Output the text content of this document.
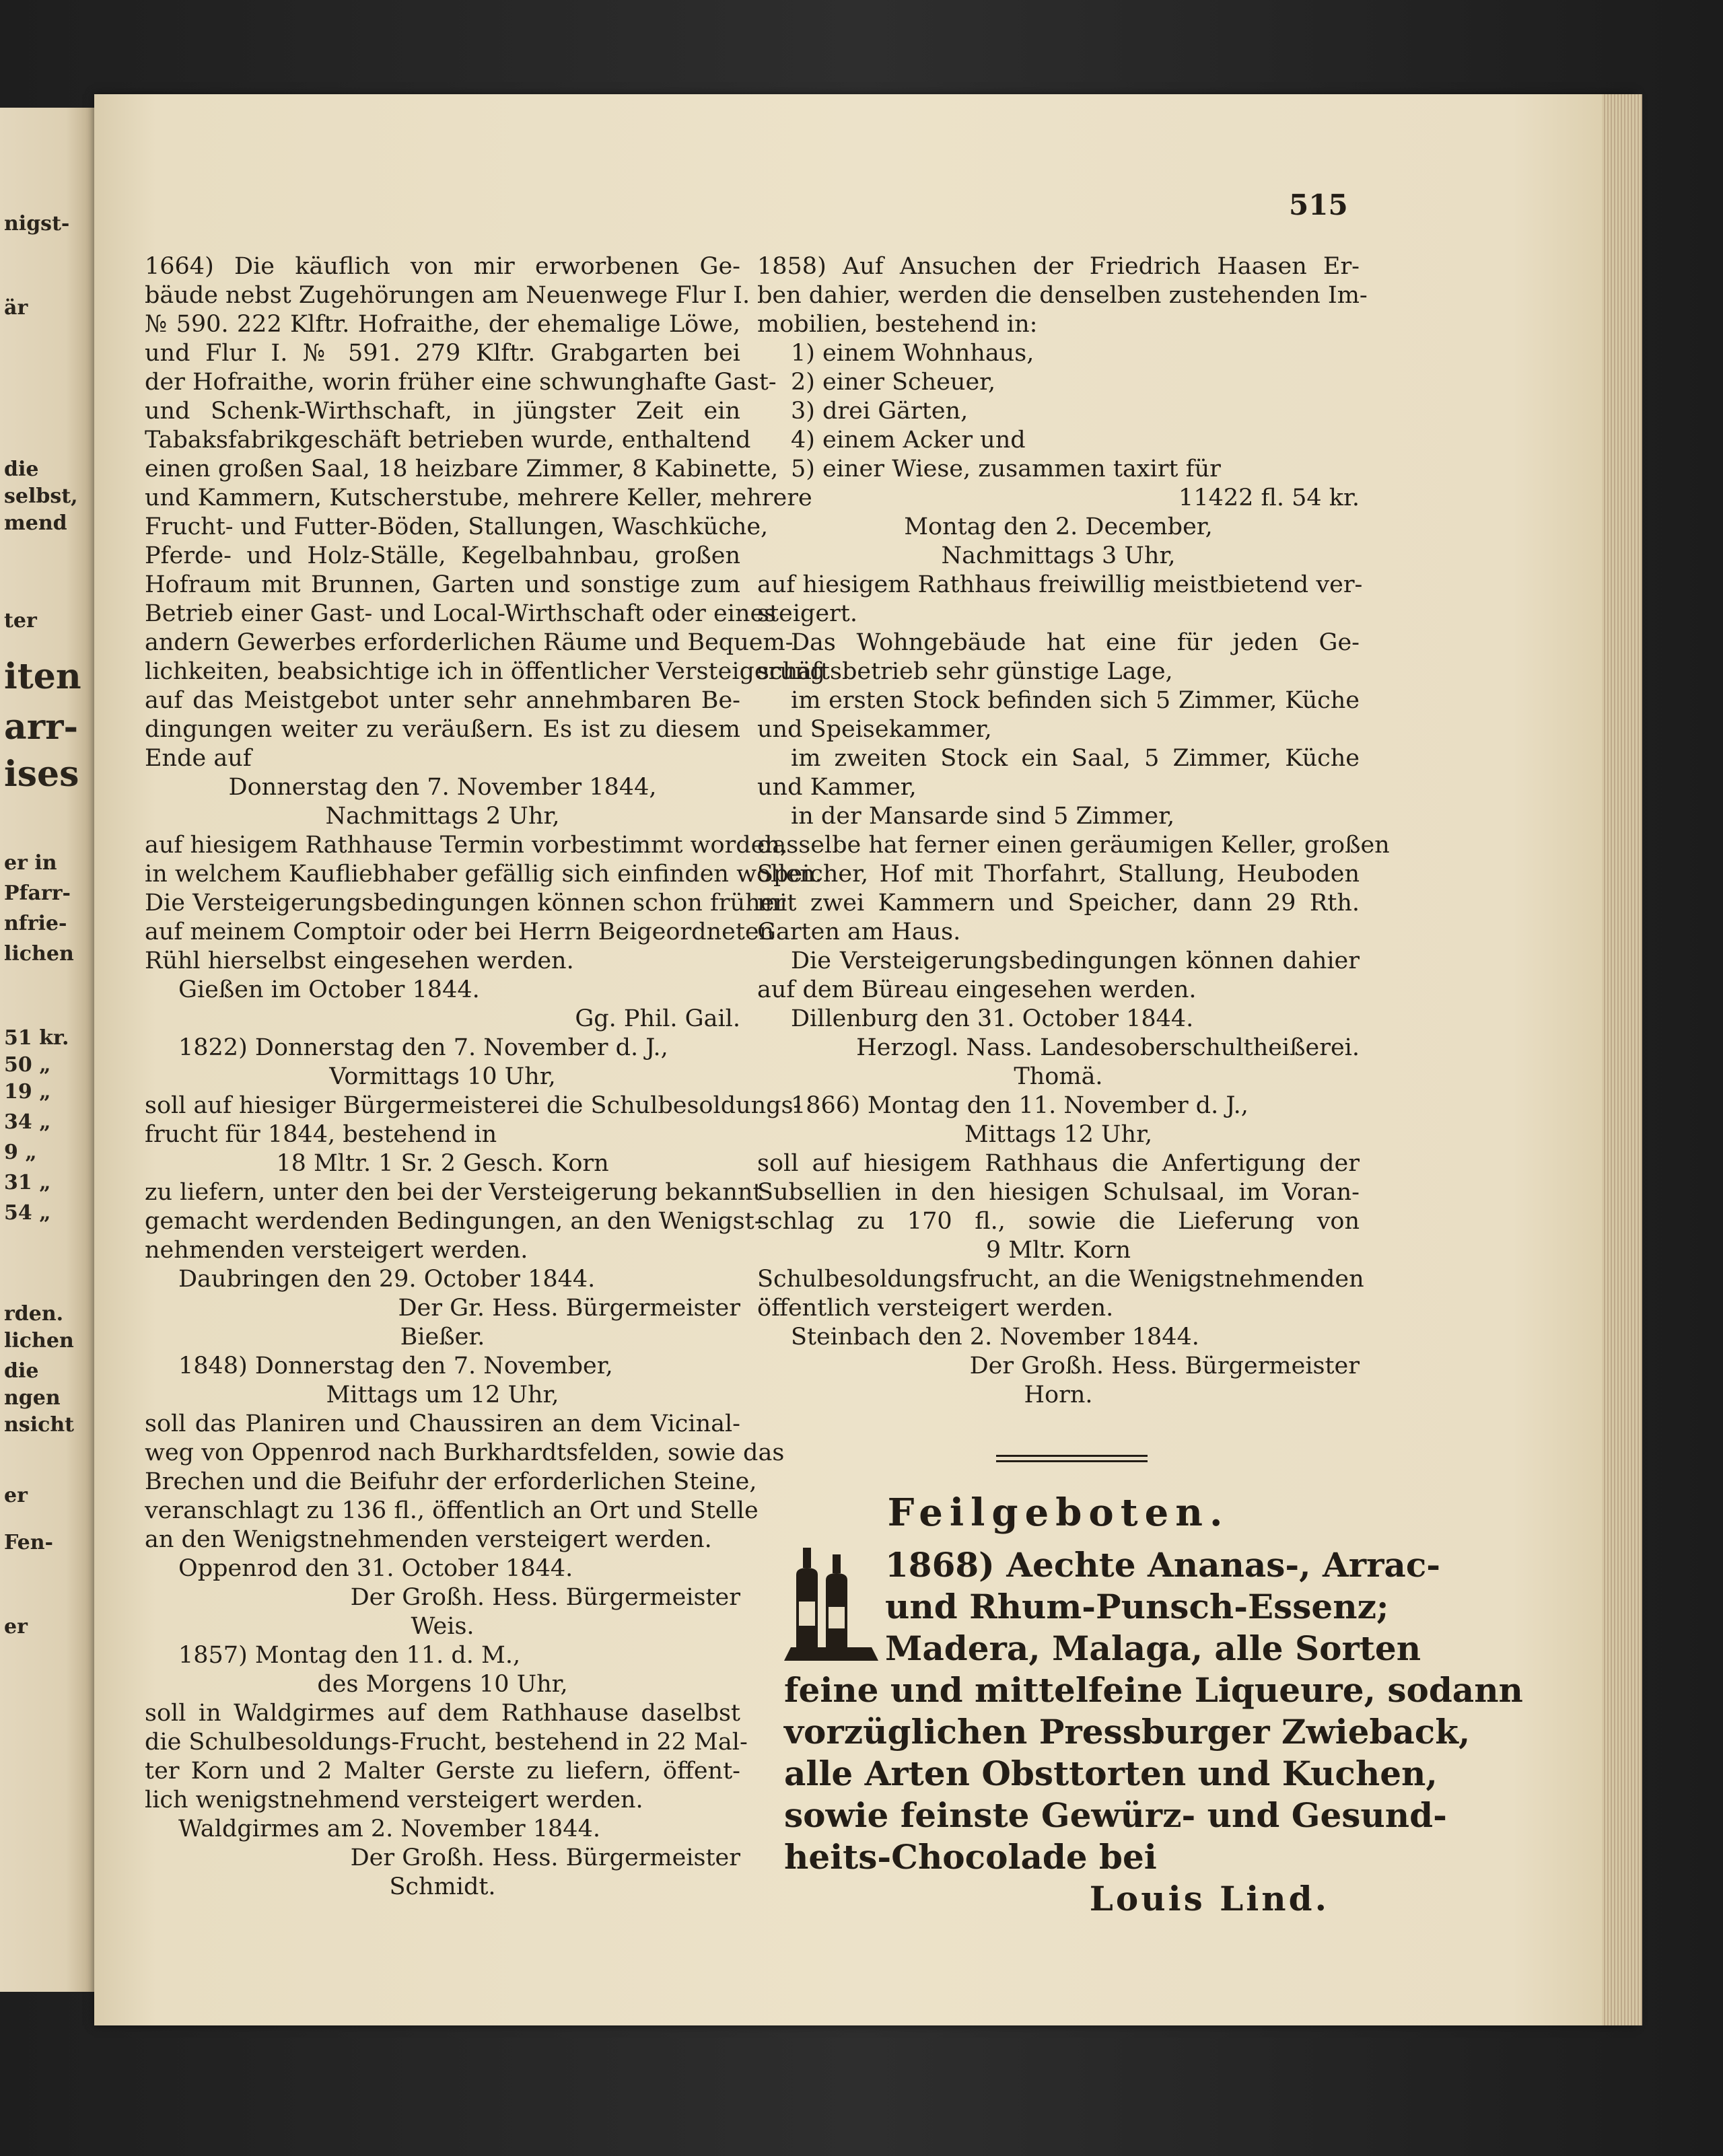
nigst-
är
die
selbst,
mend
ter
iten
arr-
ises
er in
Pfarr-
nfrie-
lichen
51 kr.
50 „
19 „
34 „
9 „
31 „
54 „
rden.
lichen
die
ngen
nsicht
er
Fen-
er
515
1664) Die käuflich von mir erworbenen Ge-
bäude nebst Zugehörungen am Neuenwege Flur I.
№ 590. 222 Klftr. Hofraithe, der ehemalige Löwe,
und Flur I. № 591. 279 Klftr. Grabgarten bei
der Hofraithe, worin früher eine schwunghafte Gast-
und Schenk-Wirthschaft, in jüngster Zeit ein
Tabaksfabrikgeschäft betrieben wurde, enthaltend
einen großen Saal, 18 heizbare Zimmer, 8 Kabinette,
und Kammern, Kutscherstube, mehrere Keller, mehrere
Frucht- und Futter-Böden, Stallungen, Waschküche,
Pferde- und Holz-Ställe, Kegelbahnbau, großen
Hofraum mit Brunnen, Garten und sonstige zum
Betrieb einer Gast- und Local-Wirthschaft oder eines
andern Gewerbes erforderlichen Räume und Bequem-
lichkeiten, beabsichtige ich in öffentlicher Versteigerung
auf das Meistgebot unter sehr annehmbaren Be-
dingungen weiter zu veräußern. Es ist zu diesem
Ende auf
Donnerstag den 7. November 1844,
Nachmittags 2 Uhr,
auf hiesigem Rathhause Termin vorbestimmt worden,
in welchem Kaufliebhaber gefällig sich einfinden wollen.
Die Versteigerungsbedingungen können schon früher
auf meinem Comptoir oder bei Herrn Beigeordneten
Rühl hierselbst eingesehen werden.
Gießen im October 1844.
Gg. Phil. Gail.
1822) Donnerstag den 7. November d. J.,
Vormittags 10 Uhr,
soll auf hiesiger Bürgermeisterei die Schulbesoldungs-
frucht für 1844, bestehend in
18 Mltr. 1 Sr. 2 Gesch. Korn
zu liefern, unter den bei der Versteigerung bekannt
gemacht werdenden Bedingungen, an den Wenigst-
nehmenden versteigert werden.
Daubringen den 29. October 1844.
Der Gr. Hess. Bürgermeister
Bießer.
1848) Donnerstag den 7. November,
Mittags um 12 Uhr,
soll das Planiren und Chaussiren an dem Vicinal-
weg von Oppenrod nach Burkhardtsfelden, sowie das
Brechen und die Beifuhr der erforderlichen Steine,
veranschlagt zu 136 fl., öffentlich an Ort und Stelle
an den Wenigstnehmenden versteigert werden.
Oppenrod den 31. October 1844.
Der Großh. Hess. Bürgermeister
Weis.
1857) Montag den 11. d. M.,
des Morgens 10 Uhr,
soll in Waldgirmes auf dem Rathhause daselbst
die Schulbesoldungs-Frucht, bestehend in 22 Mal-
ter Korn und 2 Malter Gerste zu liefern, öffent-
lich wenigstnehmend versteigert werden.
Waldgirmes am 2. November 1844.
Der Großh. Hess. Bürgermeister
Schmidt.
1858) Auf Ansuchen der Friedrich Haasen Er-
ben dahier, werden die denselben zustehenden Im-
mobilien, bestehend in:
1) einem Wohnhaus,
2) einer Scheuer,
3) drei Gärten,
4) einem Acker und
5) einer Wiese, zusammen taxirt für
11422 fl. 54 kr.
Montag den 2. December,
Nachmittags 3 Uhr,
auf hiesigem Rathhaus freiwillig meistbietend ver-
steigert.
Das Wohngebäude hat eine für jeden Ge-
schäftsbetrieb sehr günstige Lage,
im ersten Stock befinden sich 5 Zimmer, Küche
und Speisekammer,
im zweiten Stock ein Saal, 5 Zimmer, Küche
und Kammer,
in der Mansarde sind 5 Zimmer,
dasselbe hat ferner einen geräumigen Keller, großen
Speicher, Hof mit Thorfahrt, Stallung, Heuboden
mit zwei Kammern und Speicher, dann 29 Rth.
Garten am Haus.
Die Versteigerungsbedingungen können dahier
auf dem Büreau eingesehen werden.
Dillenburg den 31. October 1844.
Herzogl. Nass. Landesoberschultheißerei.
Thomä.
1866) Montag den 11. November d. J.,
Mittags 12 Uhr,
soll auf hiesigem Rathhaus die Anfertigung der
Subsellien in den hiesigen Schulsaal, im Voran-
schlag zu 170 fl., sowie die Lieferung von
9 Mltr. Korn
Schulbesoldungsfrucht, an die Wenigstnehmenden
öffentlich versteigert werden.
Steinbach den 2. November 1844.
Der Großh. Hess. Bürgermeister
Horn.
Feilgeboten.
1868) Aechte Ananas-, Arrac-
und Rhum-Punsch-Essenz;
Madera, Malaga, alle Sorten
feine und mittelfeine Liqueure, sodann
vorzüglichen Pressburger Zwieback,
alle Arten Obsttorten und Kuchen,
sowie feinste Gewürz- und Gesund-
heits-Chocolade bei
Louis Lind.
